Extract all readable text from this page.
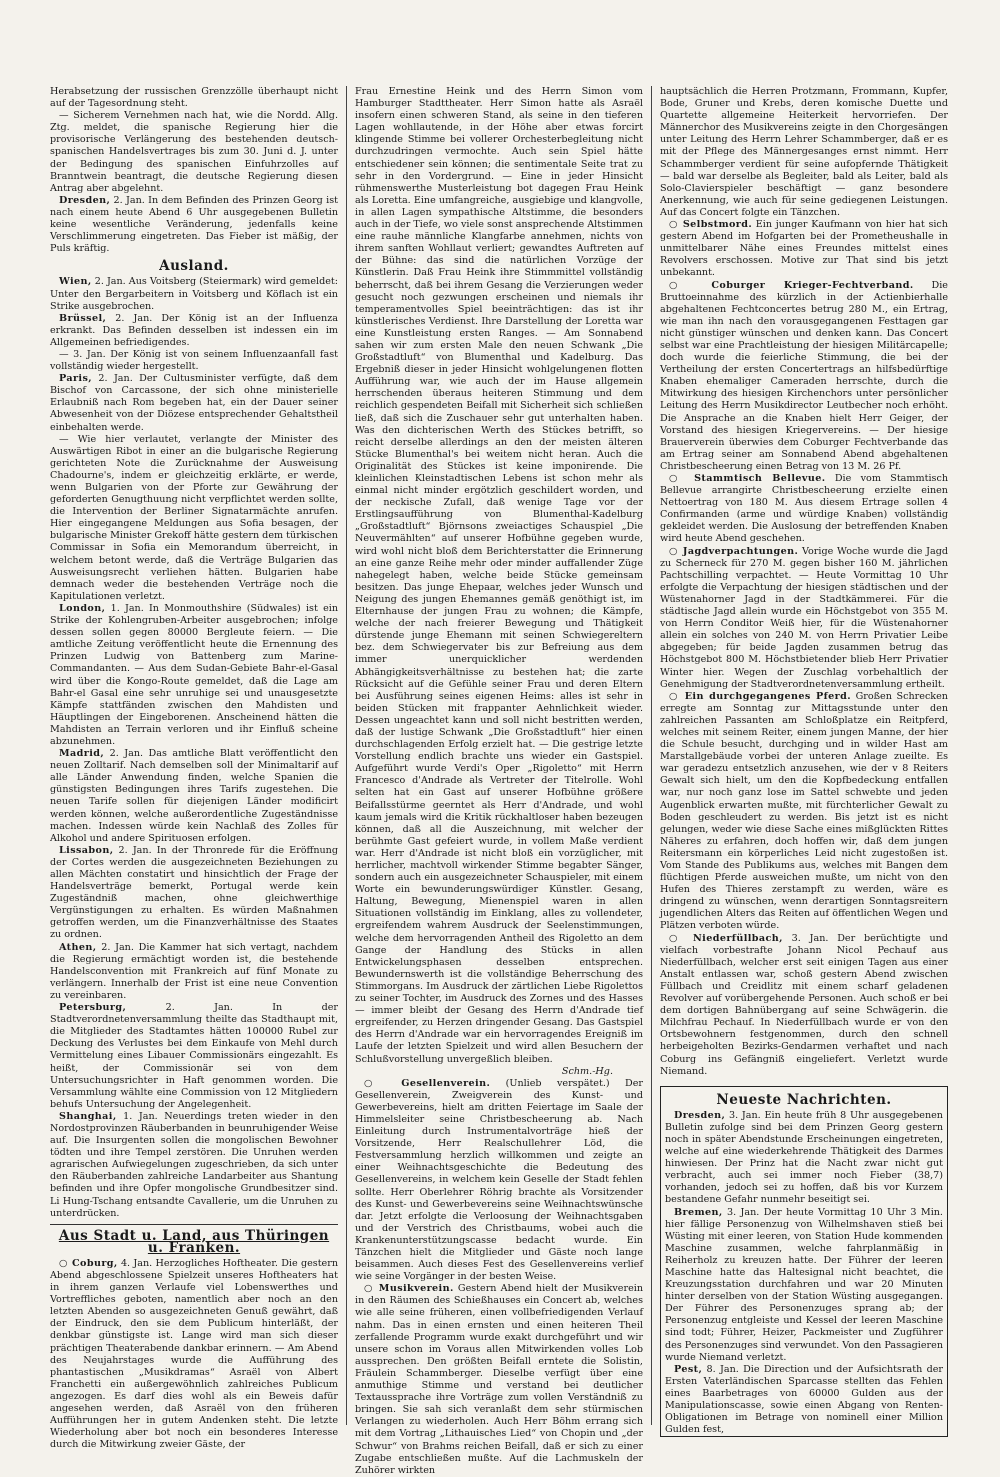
Herabsetzung der russischen Grenzzölle überhaupt nicht auf der Tagesordnung steht.

— Sicherem Vernehmen nach hat, wie die Nordd. Allg. Ztg. meldet, die spanische Regierung hier die provisorische Verlängerung des bestehenden deutsch-spanischen Handelsvertrages bis zum 30. Juni d. J. unter der Bedingung des spanischen Einfuhrzolles auf Branntwein beantragt, die deutsche Regierung diesen Antrag aber abgelehnt.

Dresden, 2. Jan. In dem Befinden des Prinzen Georg ist nach einem heute Abend 6 Uhr ausgegebenen Bulletin keine wesentliche Veränderung, jedenfalls keine Verschlimmerung eingetreten. Das Fieber ist mäßig, der Puls kräftig.

Ausland.

Wien, 2. Jan. Aus Voitsberg (Steiermark) wird gemeldet: Unter den Bergarbeitern in Voitsberg und Köflach ist ein Strike ausgebrochen.

Brüssel, 2. Jan. Der König ist an der Influenza erkrankt. Das Befinden desselben ist indessen ein im Allgemeinen befriedigendes.

— 3. Jan. Der König ist von seinem Influenzaanfall fast vollständig wieder hergestellt.

Paris, 2. Jan. Der Cultusminister verfügte, daß dem Bischof von Carcassone, der sich ohne ministerielle Erlaubniß nach Rom begeben hat, ein der Dauer seiner Abwesenheit von der Diözese entsprechender Gehaltstheil einbehalten werde.

— Wie hier verlautet, verlangte der Minister des Auswärtigen Ribot in einer an die bulgarische Regierung gerichteten Note die Zurücknahme der Ausweisung Chadourne's, indem er gleichzeitig erklärte, er werde, wenn Bulgarien von der Pforte zur Gewährung der geforderten Genugthuung nicht verpflichtet werden sollte, die Intervention der Berliner Signatarmächte anrufen. Hier eingegangene Meldungen aus Sofia besagen, der bulgarische Minister Grekoff hätte gestern dem türkischen Commissar in Sofia ein Memorandum überreicht, in welchem betont werde, daß die Verträge Bulgarien das Ausweisungsrecht verliehen hätten. Bulgarien habe demnach weder die bestehenden Verträge noch die Kapitulationen verletzt.

London, 1. Jan. In Monmouthshire (Südwales) ist ein Strike der Kohlengruben-Arbeiter ausgebrochen; infolge dessen sollen gegen 80000 Bergleute feiern. — Die amtliche Zeitung veröffentlicht heute die Ernennung des Prinzen Ludwig von Battenberg zum Marine-Commandanten. — Aus dem Sudan-Gebiete Bahr-el-Gasal wird über die Kongo-Route gemeldet, daß die Lage am Bahr-el Gasal eine sehr unruhige sei und unausgesetzte Kämpfe stattfänden zwischen den Mahdisten und Häuptlingen der Eingeborenen. Anscheinend hätten die Mahdisten an Terrain verloren und ihr Einfluß scheine abzunehmen.

Madrid, 2. Jan. Das amtliche Blatt veröffentlicht den neuen Zolltarif. Nach demselben soll der Minimaltarif auf alle Länder Anwendung finden, welche Spanien die günstigsten Bedingungen ihres Tarifs zugestehen. Die neuen Tarife sollen für diejenigen Länder modificirt werden können, welche außerordentliche Zugeständnisse machen. Indessen würde kein Nachlaß des Zolles für Alkohol und andere Spirituosen erfolgen.

Lissabon, 2. Jan. In der Thronrede für die Eröffnung der Cortes werden die ausgezeichneten Beziehungen zu allen Mächten constatirt und hinsichtlich der Frage der Handelsverträge bemerkt, Portugal werde kein Zugeständniß machen, ohne gleichwerthige Vergünstigungen zu erhalten. Es würden Maßnahmen getroffen werden, um die Finanzverhältnisse des Staates zu ordnen.

Athen, 2. Jan. Die Kammer hat sich vertagt, nachdem die Regierung ermächtigt worden ist, die bestehende Handelsconvention mit Frankreich auf fünf Monate zu verlängern. Innerhalb der Frist ist eine neue Convention zu vereinbaren.

Petersburg, 2. Jan. In der Stadtverordnetenversammlung theilte das Stadthaupt mit, die Mitglieder des Stadtamtes hätten 100000 Rubel zur Deckung des Verlustes bei dem Einkaufe von Mehl durch Vermittelung eines Libauer Commissionärs eingezahlt. Es heißt, der Commissionär sei von dem Untersuchungsrichter in Haft genommen worden. Die Versammlung wählte eine Commission von 12 Mitgliedern behufs Untersuchung der Angelegenheit.

Shanghai, 1. Jan. Neuerdings treten wieder in den Nordostprovinzen Räuberbanden in beunruhigender Weise auf. Die Insurgenten sollen die mongolischen Bewohner tödten und ihre Tempel zerstören. Die Unruhen werden agrarischen Aufwiegelungen zugeschrieben, da sich unter den Räuberbanden zahlreiche Landarbeiter aus Shantung befinden und ihre Opfer mongolische Grundbesitzer sind. Li Hung-Tschang entsandte Cavallerie, um die Unruhen zu unterdrücken.

Aus Stadt u. Land, aus Thüringen u. Franken.

○ Coburg, 4. Jan. Herzogliches Hoftheater. Die gestern Abend abgeschlossene Spielzeit unseres Hoftheaters hat in ihrem ganzen Verlaufe viel Lobenswerthes und Vortreffliches geboten, namentlich aber noch an den letzten Abenden so ausgezeichneten Genuß gewährt, daß der Eindruck, den sie dem Publicum hinterläßt, der denkbar günstigste ist. Lange wird man sich dieser prächtigen Theaterabende dankbar erinnern. — Am Abend des Neujahrstages wurde die Aufführung des phantastischen „Musikdramas“ Asraël von Albert Franchetti ein außergewöhnlich zahlreiches Publicum angezogen. Es darf dies wohl als ein Beweis dafür angesehen werden, daß Asraël von den früheren Aufführungen her in gutem Andenken steht. Die letzte Wiederholung aber bot noch ein besonderes Interesse durch die Mitwirkung zweier Gäste, der

Frau Ernestine Heink und des Herrn Simon vom Hamburger Stadttheater. Herr Simon hatte als Asraël insofern einen schweren Stand, als seine in den tieferen Lagen wohllautende, in der Höhe aber etwas forcirt klingende Stimme bei vollerer Orchesterbegleitung nicht durchzudringen vermochte. Auch sein Spiel hätte entschiedener sein können; die sentimentale Seite trat zu sehr in den Vordergrund. — Eine in jeder Hinsicht rühmenswerthe Musterleistung bot dagegen Frau Heink als Loretta. Eine umfangreiche, ausgiebige und klangvolle, in allen Lagen sympathische Altstimme, die besonders auch in der Tiefe, wo viele sonst ansprechende Altstimmen eine rauhe männliche Klangfarbe annehmen, nichts von ihrem sanften Wohllaut verliert; gewandtes Auftreten auf der Bühne: das sind die natürlichen Vorzüge der Künstlerin. Daß Frau Heink ihre Stimmmittel vollständig beherrscht, daß bei ihrem Gesang die Verzierungen weder gesucht noch gezwungen erscheinen und niemals ihr temperamentvolles Spiel beeinträchtigen: das ist ihr künstlerisches Verdienst. Ihre Darstellung der Loretta war eine Kunstleistung ersten Ranges. — Am Sonnabend sahen wir zum ersten Male den neuen Schwank „Die Großstadtluft“ von Blumenthal und Kadelburg. Das Ergebniß dieser in jeder Hinsicht wohlgelungenen flotten Aufführung war, wie auch der im Hause allgemein herrschenden überaus heiteren Stimmung und dem reichlich gespendeten Beifall mit Sicherheit sich schließen ließ, daß sich die Zuschauer sehr gut unterhalten haben. Was den dichterischen Werth des Stückes betrifft, so reicht derselbe allerdings an den der meisten älteren Stücke Blumenthal's bei weitem nicht heran. Auch die Originalität des Stückes ist keine imponirende. Die kleinlichen Kleinstadtischen Lebens ist schon mehr als einmal nicht minder ergötzlich geschildert worden, und der neckische Zufall, daß wenige Tage vor der Erstlingsaufführung von Blumenthal-Kadelburg „Großstadtluft“ Björnsons zweiactiges Schauspiel „Die Neuvermählten“ auf unserer Hofbühne gegeben wurde, wird wohl nicht bloß dem Berichterstatter die Erinnerung an eine ganze Reihe mehr oder minder auffallender Züge nahegelegt haben, welche beide Stücke gemeinsam besitzen. Das junge Ehepaar, welches jeder Wunsch und Neigung des jungen Ehemannes gemäß genöthigt ist, im Elternhause der jungen Frau zu wohnen; die Kämpfe, welche der nach freierer Bewegung und Thätigkeit dürstende junge Ehemann mit seinen Schwiegereltern bez. dem Schwiegervater bis zur Befreiung aus dem immer unerquicklicher werdenden Abhängigkeitsverhältnisse zu bestehen hat; die zarte Rücksicht auf die Gefühle seiner Frau und deren Eltern bei Ausführung seines eigenen Heims: alles ist sehr in beiden Stücken mit frappanter Aehnlichkeit wieder. Dessen ungeachtet kann und soll nicht bestritten werden, daß der lustige Schwank „Die Großstadtluft“ hier einen durchschlagenden Erfolg erzielt hat. — Die gestrige letzte Vorstellung endlich brachte uns wieder ein Gastspiel. Aufgeführt wurde Verdi's Oper „Rigoletto“ mit Herrn Francesco d'Andrade als Vertreter der Titelrolle. Wohl selten hat ein Gast auf unserer Hofbühne größere Beifallsstürme geerntet als Herr d'Andrade, und wohl kaum jemals wird die Kritik rückhaltloser haben bezeugen können, daß all die Auszeichnung, mit welcher der berühmte Gast gefeiert wurde, in vollem Maße verdient war. Herr d'Andrade ist nicht bloß ein vorzüglicher, mit herrlicher, machtvoll wirkender Stimme begabter Sänger, sondern auch ein ausgezeichneter Schauspieler, mit einem Worte ein bewunderungswürdiger Künstler. Gesang, Haltung, Bewegung, Mienenspiel waren in allen Situationen vollständig im Einklang, alles zu vollendeter, ergreifendem wahrem Ausdruck der Seelenstimmungen, welche dem hervorragenden Antheil des Rigoletto an dem Gange der Handlung des Stücks in allen Entwickelungsphasen desselben entsprechen. Bewundernswerth ist die vollständige Beherrschung des Stimmorgans. Im Ausdruck der zärtlichen Liebe Rigolettos zu seiner Tochter, im Ausdruck des Zornes und des Hasses — immer bleibt der Gesang des Herrn d'Andrade tief ergreifender, zu Herzen dringender Gesang. Das Gastspiel des Herrn d'Andrade war ein hervorragendes Ereigniß im Laufe der letzten Spielzeit und wird allen Besuchern der Schlußvorstellung unvergeßlich bleiben.

Schm.-Hg.

○ Gesellenverein. (Unlieb verspätet.) Der Gesellenverein, Zweigverein des Kunst- und Gewerbevereins, hielt am dritten Feiertage im Saale der Himmelsleiter seine Christbescheerung ab. Nach Einleitung durch Instrumentalvorträge hieß der Vorsitzende, Herr Realschullehrer Löd, die Festversammlung herzlich willkommen und zeigte an einer Weihnachtsgeschichte die Bedeutung des Gesellenvereins, in welchem kein Geselle der Stadt fehlen sollte. Herr Oberlehrer Röhrig brachte als Vorsitzender des Kunst- und Gewerbevereins seine Weihnachtswünsche dar. Jetzt erfolgte die Verloosung der Weihnachtsgaben und der Verstrich des Christbaums, wobei auch die Krankenunterstützungscasse bedacht wurde. Ein Tänzchen hielt die Mitglieder und Gäste noch lange beisammen. Auch dieses Fest des Gesellenvereins verlief wie seine Vorgänger in der besten Weise.

○ Musikverein. Gestern Abend hielt der Musikverein in den Räumen des Schießhauses ein Concert ab, welches wie alle seine früheren, einen vollbefriedigenden Verlauf nahm. Das in einen ernsten und einen heiteren Theil zerfallende Programm wurde exakt durchgeführt und wir unsere schon im Voraus allen Mitwirkenden volles Lob aussprechen. Den größten Beifall erntete die Solistin, Fräulein Schammberger. Dieselbe verfügt über eine anmuthige Stimme und verstand bei deutlicher Textaussprache ihre Vorträge zum vollen Verständniß zu bringen. Sie sah sich veranlaßt dem sehr stürmischen Verlangen zu wiederholen. Auch Herr Böhm errang sich mit dem Vortrag „Lithauisches Lied“ von Chopin und „der Schwur“ von Brahms reichen Beifall, daß er sich zu einer Zugabe entschließen mußte. Auf die Lachmuskeln der Zuhörer wirkten

hauptsächlich die Herren Protzmann, Frommann, Kupfer, Bode, Gruner und Krebs, deren komische Duette und Quartette allgemeine Heiterkeit hervorriefen. Der Männerchor des Musikvereins zeigte in den Chorgesängen unter Leitung des Herrn Lehrer Schammberger, daß er es mit der Pflege des Männergesanges ernst nimmt. Herr Schammberger verdient für seine aufopfernde Thätigkeit — bald war derselbe als Begleiter, bald als Leiter, bald als Solo-Clavierspieler beschäftigt — ganz besondere Anerkennung, wie auch für seine gediegenen Leistungen. Auf das Concert folgte ein Tänzchen.

○ Selbstmord. Ein junger Kaufmann von hier hat sich gestern Abend im Hofgarten bei der Prometheushalle in unmittelbarer Nähe eines Freundes mittelst eines Revolvers erschossen. Motive zur That sind bis jetzt unbekannt.

○ Coburger Krieger-Fechtverband. Die Bruttoeinnahme des kürzlich in der Actienbierhalle abgehaltenen Fechtconcertes betrug 280 M., ein Ertrag, wie man ihn nach den vorausgegangenen Festtagen gar nicht günstiger wünschen und denken kann. Das Concert selbst war eine Prachtleistung der hiesigen Militärcapelle; doch wurde die feierliche Stimmung, die bei der Vertheilung der ersten Concertertrags an hilfsbedürftige Knaben ehemaliger Cameraden herrschte, durch die Mitwirkung des hiesigen Kirchenchors unter persönlicher Leitung des Herrn Musikdirector Leutbecher noch erhöht. Die Ansprache an die Knaben hielt Herr Geiger, der Vorstand des hiesigen Kriegervereins. — Der hiesige Brauerverein überwies dem Coburger Fechtverbande das am Ertrag seiner am Sonnabend Abend abgehaltenen Christbescheerung einen Betrag von 13 M. 26 Pf.

○ Stammtisch Bellevue. Die vom Stammtisch Bellevue arrangirte Christbescheerung erzielte einen Nettoertrag von 180 M. Aus diesem Ertrage sollen 4 Confirmanden (arme und würdige Knaben) vollständig gekleidet werden. Die Auslosung der betreffenden Knaben wird heute Abend geschehen.

○ Jagdverpachtungen. Vorige Woche wurde die Jagd zu Scherneck für 270 M. gegen bisher 160 M. jährlichen Pachtschilling verpachtet. — Heute Vormittag 10 Uhr erfolgte die Verpachtung der hiesigen städtischen und der Wüstenahorner Jagd in der Stadtkämmerei. Für die städtische Jagd allein wurde ein Höchstgebot von 355 M. von Herrn Conditor Weiß hier, für die Wüstenahorner allein ein solches von 240 M. von Herrn Privatier Leibe abgegeben; für beide Jagden zusammen betrug das Höchstgebot 800 M. Höchstbietender blieb Herr Privatier Winter hier. Wegen der Zuschlag vorbehaltlich der Genehmigung der Stadtverordnetenversammlung ertheilt.

○ Ein durchgegangenes Pferd. Großen Schrecken erregte am Sonntag zur Mittagsstunde unter den zahlreichen Passanten am Schloßplatze ein Reitpferd, welches mit seinem Reiter, einem jungen Manne, der hier die Schule besucht, durchging und in wilder Hast am Marstallgebäude vorbei der unteren Anlage zueilte. Es war geradezu entsetzlich anzusehen, wie der v 8 Reiters Gewalt sich hielt, um den die Kopfbedeckung entfallen war, nur noch ganz lose im Sattel schwebte und jeden Augenblick erwarten mußte, mit fürchterlicher Gewalt zu Boden geschleudert zu werden. Bis jetzt ist es nicht gelungen, weder wie diese Sache eines mißglückten Rittes Näheres zu erfahren, doch hoffen wir, daß dem jungen Reitersmann ein körperliches Leid nicht zugestoßen ist. Vom Stande des Publikums aus, welches mit Bangen dem flüchtigen Pferde ausweichen mußte, um nicht von den Hufen des Thieres zerstampft zu werden, wäre es dringend zu wünschen, wenn derartigen Sonntagsreitern jugendlichen Alters das Reiten auf öffentlichen Wegen und Plätzen verboten würde.

○ Niederfüllbach, 3. Jan. Der berüchtigte und vielfach vorbestrafte Johann Nicol Pechauf aus Niederfüllbach, welcher erst seit einigen Tagen aus einer Anstalt entlassen war, schoß gestern Abend zwischen Füllbach und Creidlitz mit einem scharf geladenen Revolver auf vorübergehende Personen. Auch schoß er bei dem dortigen Bahnübergang auf seine Schwägerin. die Milchfrau Pechauf. In Niederfüllbach wurde er von den Ortsbewohnern festgenommen, durch den schnell herbeigeholten Bezirks-Gendarmen verhaftet und nach Coburg ins Gefängniß eingeliefert. Verletzt wurde Niemand.

Neueste Nachrichten.

Dresden, 3. Jan. Ein heute früh 8 Uhr ausgegebenen Bulletin zufolge sind bei dem Prinzen Georg gestern noch in später Abendstunde Erscheinungen eingetreten, welche auf eine wiederkehrende Thätigkeit des Darmes hinwiesen. Der Prinz hat die Nacht zwar nicht gut verbracht, auch sei immer noch Fieber (38,7) vorhanden, jedoch sei zu hoffen, daß bis vor Kurzem bestandene Gefahr nunmehr beseitigt sei.

Bremen, 3. Jan. Der heute Vormittag 10 Uhr 3 Min. hier fällige Personenzug von Wilhelmshaven stieß bei Wüsting mit einer leeren, von Station Hude kommenden Maschine zusammen, welche fahrplanmäßig in Reiherholz zu kreuzen hatte. Der Führer der leeren Maschine hatte das Haltesignal nicht beachtet, die Kreuzungsstation durchfahren und war 20 Minuten hinter derselben von der Station Wüsting ausgegangen. Der Führer des Personenzuges sprang ab; der Personenzug entgleiste und Kessel der leeren Maschine sind todt; Führer, Heizer, Packmeister und Zugführer des Personenzuges sind verwundet. Von den Passagieren wurde Niemand verletzt.

Pest, 8. Jan. Die Direction und der Aufsichtsrath der Ersten Vaterländischen Sparcasse stellten das Fehlen eines Baarbetrages von 60000 Gulden aus der Manipulationscasse, sowie einen Abgang von Renten-Obligationen im Betrage von nominell einer Million Gulden fest,
